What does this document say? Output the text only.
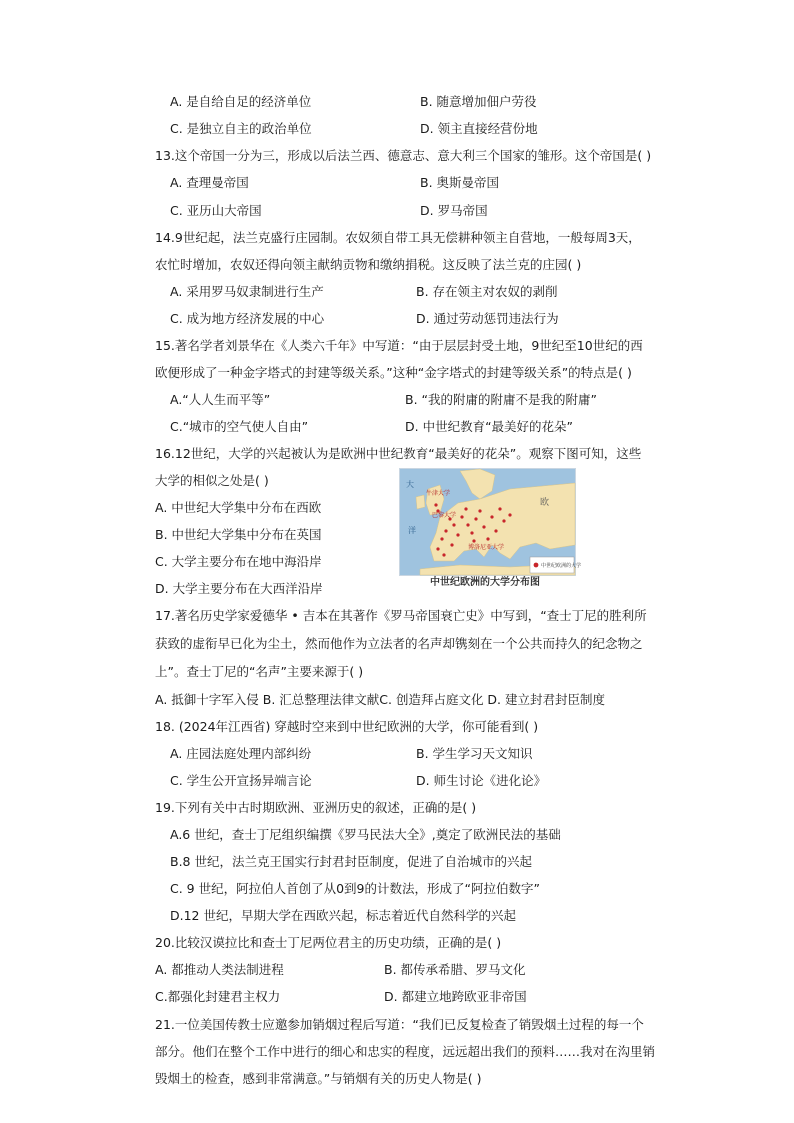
A. 是自给自足的经济单位	B. 随意增加佃户劳役
C. 是独立自主的政治单位	D. 领主直接经营份地
13.这个帝国一分为三，形成以后法兰西、德意志、意大利三个国家的雏形。这个帝国是( )
A. 查理曼帝国	B. 奥斯曼帝国
C. 亚历山大帝国	D. 罗马帝国
14.9世纪起，法兰克盛行庄园制。农奴须自带工具无偿耕种领主自营地，一般每周3天，
农忙时增加，农奴还得向领主献纳贡物和缴纳捐税。这反映了法兰克的庄园( )
A. 采用罗马奴隶制进行生产	B. 存在领主对农奴的剥削
C. 成为地方经济发展的中心	D. 通过劳动惩罚违法行为
15.著名学者刘景华在《人类六千年》中写道：“由于层层封受土地，9世纪至10世纪的西
欧便形成了一种金字塔式的封建等级关系。”这种“金字塔式的封建等级关系”的特点是( )
A.“人人生而平等”	B. “我的附庸的附庸不是我的附庸”
C.“城市的空气使人自由”	D. 中世纪教育“最美好的花朵”
16.12世纪，大学的兴起被认为是欧洲中世纪教育“最美好的花朵”。观察下图可知，这些
大学的相似之处是( )
A. 中世纪大学集中分布在西欧
B. 中世纪大学集中分布在英国
C. 大学主要分布在地中海沿岸
D. 大学主要分布在大西洋沿岸
欧
大
洋
牛津大学
巴黎大学
博洛尼亚大学
中世纪欧洲的大学
中世纪欧洲的大学分布图
17.著名历史学家爱德华 • 吉本在其著作《罗马帝国衰亡史》中写到，“查士丁尼的胜利所
获致的虚衔早已化为尘土，然而他作为立法者的名声却镌刻在一个公共而持久的纪念物之
上”。查士丁尼的“名声”主要来源于( )
A. 抵御十字军入侵 B. 汇总整理法律文献C. 创造拜占庭文化 D. 建立封君封臣制度
18. (2024年江西省) 穿越时空来到中世纪欧洲的大学，你可能看到( )
A. 庄园法庭处理内部纠纷	B. 学生学习天文知识
C. 学生公开宣扬异端言论	D. 师生讨论《进化论》
19.下列有关中古时期欧洲、亚洲历史的叙述，正确的是( )
A.6 世纪，查士丁尼组织编撰《罗马民法大全》,奠定了欧洲民法的基础
B.8 世纪，法兰克王国实行封君封臣制度，促进了自治城市的兴起
C. 9 世纪，阿拉伯人首创了从0到9的计数法，形成了“阿拉伯数字”
D.12 世纪，早期大学在西欧兴起，标志着近代自然科学的兴起
20.比较汉谟拉比和查士丁尼两位君主的历史功绩，正确的是( )
A. 都推动人类法制进程	B. 都传承希腊、罗马文化
C.都强化封建君主权力	D. 都建立地跨欧亚非帝国
21.一位美国传教士应邀参加销烟过程后写道：“我们已反复检查了销毁烟土过程的每一个
部分。他们在整个工作中进行的细心和忠实的程度，远远超出我们的预料……我对在沟里销
毁烟土的检查，感到非常满意。”与销烟有关的历史人物是( )
